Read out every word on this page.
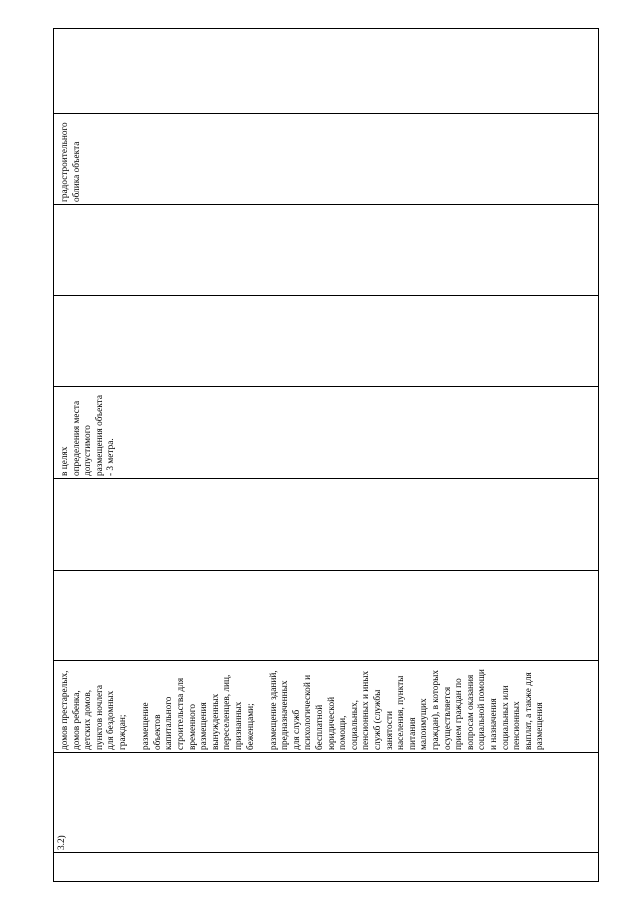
3.2)
домов престарелых, домов ребенка, детских домов, пунктов ночлега для бездомных граждан;
размещение объектов капитального строительства для временного размещения вынужденных переселенцев, лиц, признанных беженцами;
размещение зданий, предназначенных для служб психологической и бесплатной юридической помощи, социальных, пенсионных и иных служб (службы занятости населения, пункты питания малоимущих граждан), в которых осуществляется прием граждан по вопросам оказания социальной помощи и назначения социальных или пенсионных выплат, а также для размещения
в целях определения места допустимого размещения объекта - 3 метра.
градостроительного облика объекта
